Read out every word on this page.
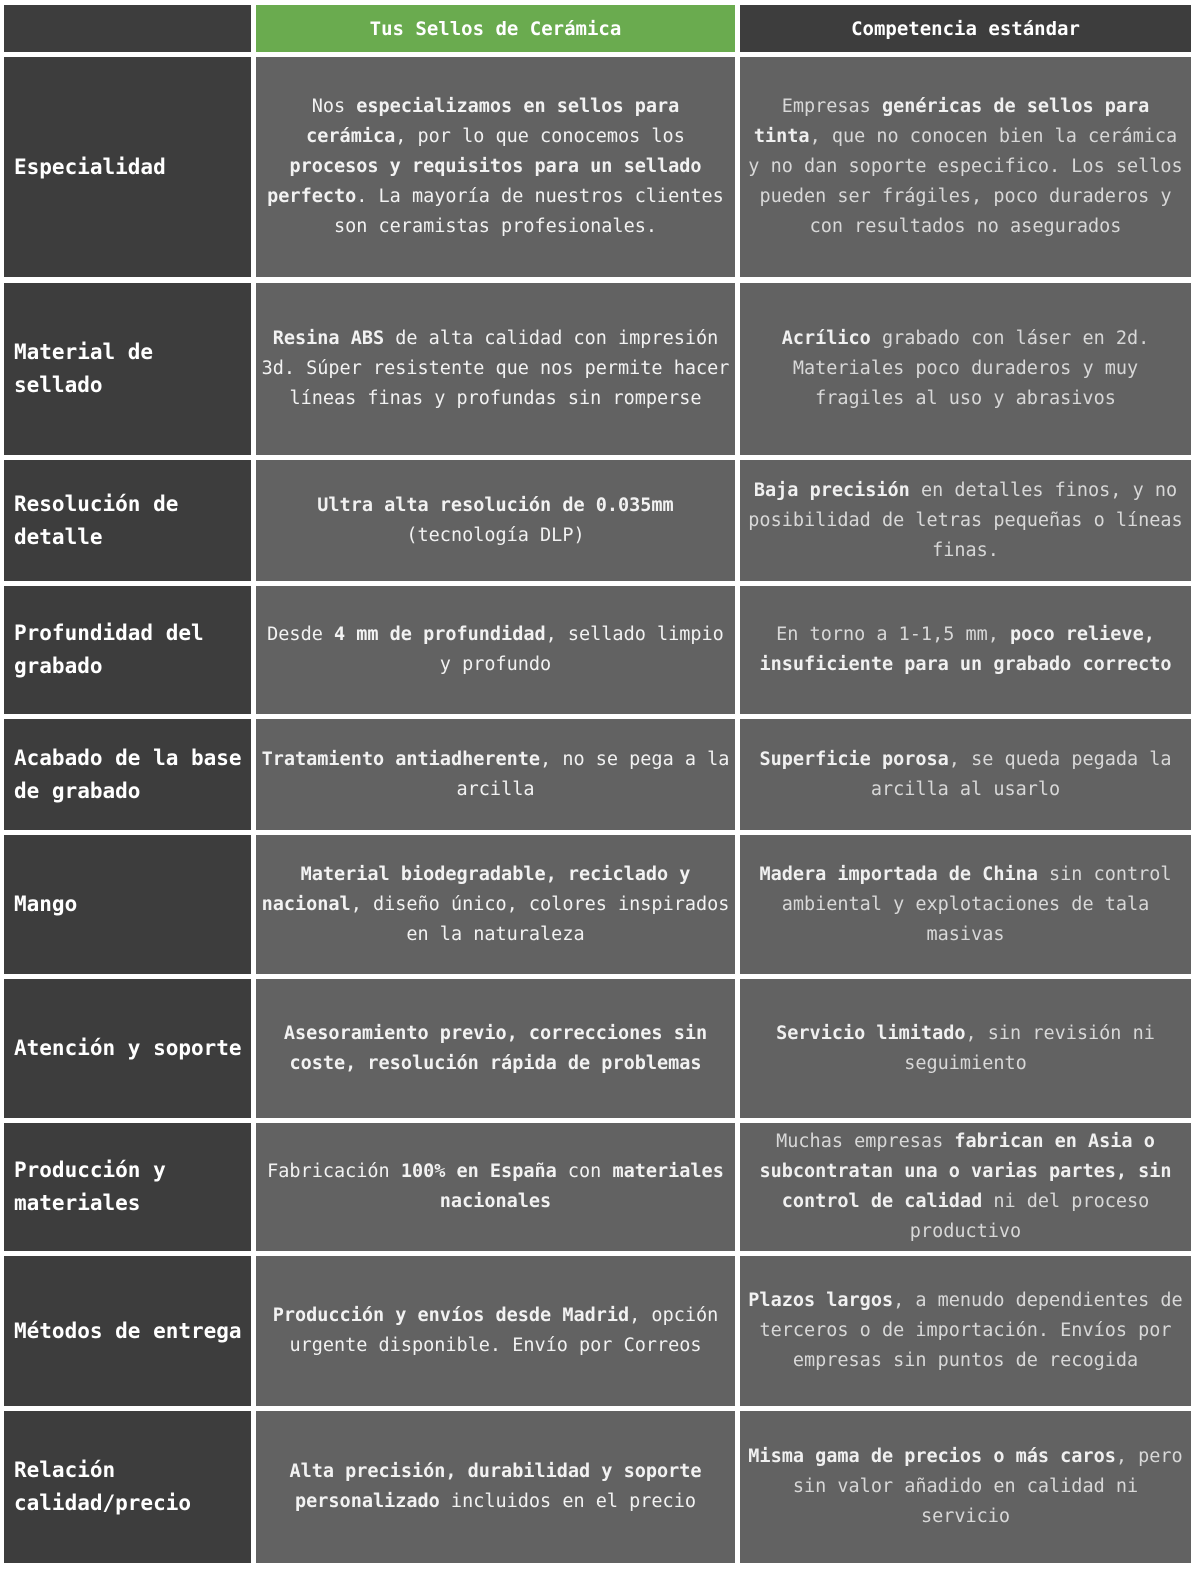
Tus Sellos de Cerámica	Competencia estándar
Especialidad
Nos especializamos en sellos para cerámica, por lo que conocemos los procesos y requisitos para un sellado perfecto. La mayoría de nuestros clientes son ceramistas profesionales.
Empresas genéricas de sellos para tinta, que no conocen bien la cerámica y no dan soporte especifico. Los sellos pueden ser frágiles, poco duraderos y con resultados no asegurados
Material de sellado
Resina ABS de alta calidad con impresión 3d. Súper resistente que nos permite hacer líneas finas y profundas sin romperse
Acrílico grabado con láser en 2d. Materiales poco duraderos y muy fragiles al uso y abrasivos
Resolución de detalle
Ultra alta resolución de 0.035mm (tecnología DLP)
Baja precisión en detalles finos, y no posibilidad de letras pequeñas o líneas finas.
Profundidad del grabado
Desde 4 mm de profundidad, sellado limpio y profundo
En torno a 1-1,5 mm, poco relieve, insuficiente para un grabado correcto
Acabado de la base de grabado
Tratamiento antiadherente, no se pega a la arcilla
Superficie porosa, se queda pegada la arcilla al usarlo
Mango
Material biodegradable, reciclado y nacional, diseño único, colores inspirados en la naturaleza
Madera importada de China sin control ambiental y explotaciones de tala masivas
Atención y soporte
Asesoramiento previo, correcciones sin coste, resolución rápida de problemas
Servicio limitado, sin revisión ni seguimiento
Producción y materiales
Fabricación 100% en España con materiales nacionales
Muchas empresas fabrican en Asia o subcontratan una o varias partes, sin control de calidad ni del proceso productivo
Métodos de entrega
Producción y envíos desde Madrid, opción urgente disponible. Envío por Correos
Plazos largos, a menudo dependientes de terceros o de importación. Envíos por empresas sin puntos de recogida
Relación calidad/precio
Alta precisión, durabilidad y soporte personalizado incluidos en el precio
Misma gama de precios o más caros, pero sin valor añadido en calidad ni servicio
